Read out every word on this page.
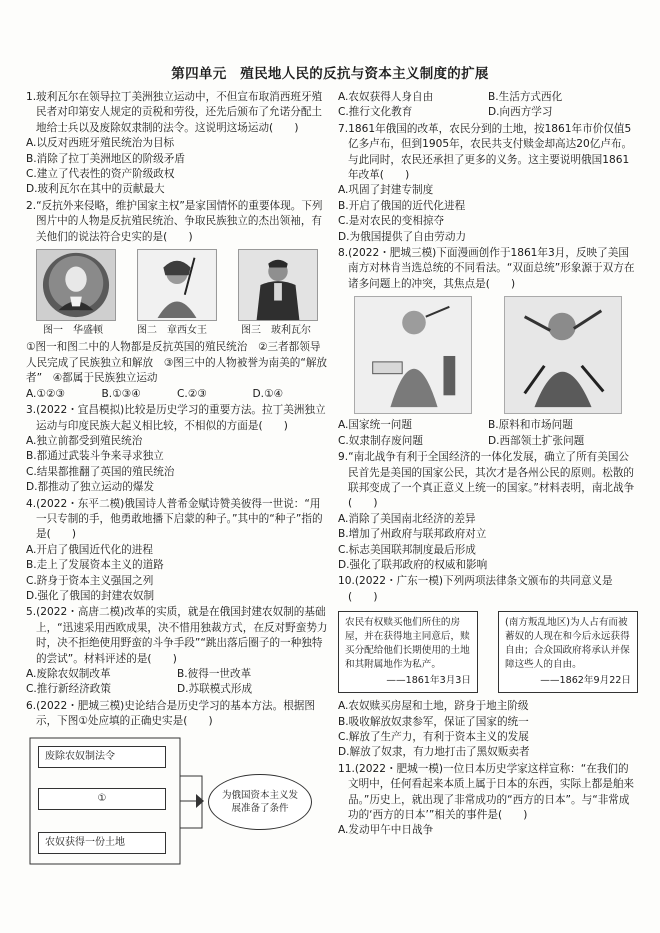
第四单元　殖民地人民的反抗与资本主义制度的扩展
1.玻利瓦尔在领导拉丁美洲独立运动中，不但宣布取消西班牙殖民者对印第安人规定的贡税和劳役，还先后颁布了允诺分配土地给士兵以及废除奴隶制的法令。这说明这场运动(　　)
A.以反对西班牙殖民统治为目标
B.消除了拉丁美洲地区的阶级矛盾
C.建立了代表性的资产阶级政权
D.玻利瓦尔在其中的贡献最大
2.“反抗外来侵略，维护国家主权”是家国情怀的重要体现。下列图片中的人物是反抗殖民统治、争取民族独立的杰出领袖，有关他们的说法符合史实的是(　　)
图一　华盛顿	图二　章西女王	图三　玻利瓦尔
①图一和图二中的人物都是反抗英国的殖民统治　②三者都领导人民完成了民族独立和解放　③图三中的人物被誉为南美的“解放者”　④都属于民族独立运动
A.①②③	B.①③④	C.②③	D.①④
3.(2022・宜昌模拟)比较是历史学习的重要方法。拉丁美洲独立运动与印度民族大起义相比较，不相似的方面是(　　)
A.独立前都受到殖民统治
B.都通过武装斗争来寻求独立
C.结果都推翻了英国的殖民统治
D.都推动了独立运动的爆发
4.(2022・东平二模)俄国诗人普希金赋诗赞美彼得一世说：“用一只专制的手，他勇敢地播下启蒙的种子。”其中的“种子”指的是(　　)
A.开启了俄国近代化的进程
B.走上了发展资本主义的道路
C.跻身于资本主义强国之列
D.强化了俄国的封建农奴制
5.(2022・高唐二模)改革的实质，就是在俄国封建农奴制的基础上，“迅速采用西欧成果，决不惜用独裁方式，在反对野蛮势力时，决不拒绝使用野蛮的斗争手段”“跳出落后圈子的一种独特的尝试”。材料评述的是(　　)
A.废除农奴制改革	B.彼得一世改革
C.推行新经济政策	D.苏联模式形成
6.(2022・肥城三模)史论结合是历史学习的基本方法。根据图示，下图①处应填的正确史实是(　　)
废除农奴制法令
①
农奴获得一份土地
为俄国资本主义发展准备了条件
A.农奴获得人身自由	B.生活方式西化
C.推行文化教育	D.向西方学习
7.1861年俄国的改革，农民分到的土地，按1861年市价仅值5亿多卢布，但到1905年，农民共支付赎金却高达20亿卢布。与此同时，农民还承担了更多的义务。这主要说明俄国1861年改革(　　)
A.巩固了封建专制度
B.开启了俄国的近代化进程
C.是对农民的变相掠夺
D.为俄国提供了自由劳动力
8.(2022・肥城三模)下面漫画创作于1861年3月，反映了美国南方对林肯当选总统的不同看法。“双面总统”形象源于双方在诸多问题上的冲突，其焦点是(　　)
A.国家统一问题	B.原料和市场问题
C.奴隶制存废问题	D.西部领土扩张问题
9.“南北战争有利于全国经济的一体化发展，确立了所有美国公民首先是美国的国家公民，其次才是各州公民的原则。松散的联邦变成了一个真正意义上统一的国家。”材料表明，南北战争(　　)
A.消除了美国南北经济的差异
B.增加了州政府与联邦政府对立
C.标志美国联邦制度最后形成
D.强化了联邦政府的权威和影响
10.(2022・广东一模)下列两项法律条文颁布的共同意义是(　　)
农民有权赎买他们所住的房屋，并在获得地主同意后，赎买分配给他们长期使用的土地和其附属地作为私产。
——1861年3月3日
(南方叛乱地区)为人占有而被蓄奴的人现在和今后永远获得自由；合众国政府将承认并保障这些人的自由。
——1862年9月22日
A.农奴赎买房屋和土地，跻身于地主阶级
B.吸收解放奴隶参军，保证了国家的统一
C.解放了生产力，有利于资本主义的发展
D.解放了奴隶，有力地打击了黑奴贩卖者
11.(2022・肥城一模)一位日本历史学家这样宣称：“在我们的文明中，任何看起来本质上属于日本的东西，实际上都是舶来品。”历史上，就出现了非常成功的“西方的日本”。与“非常成功的‘西方的日本’”相关的事件是(　　)
A.发动甲午中日战争
